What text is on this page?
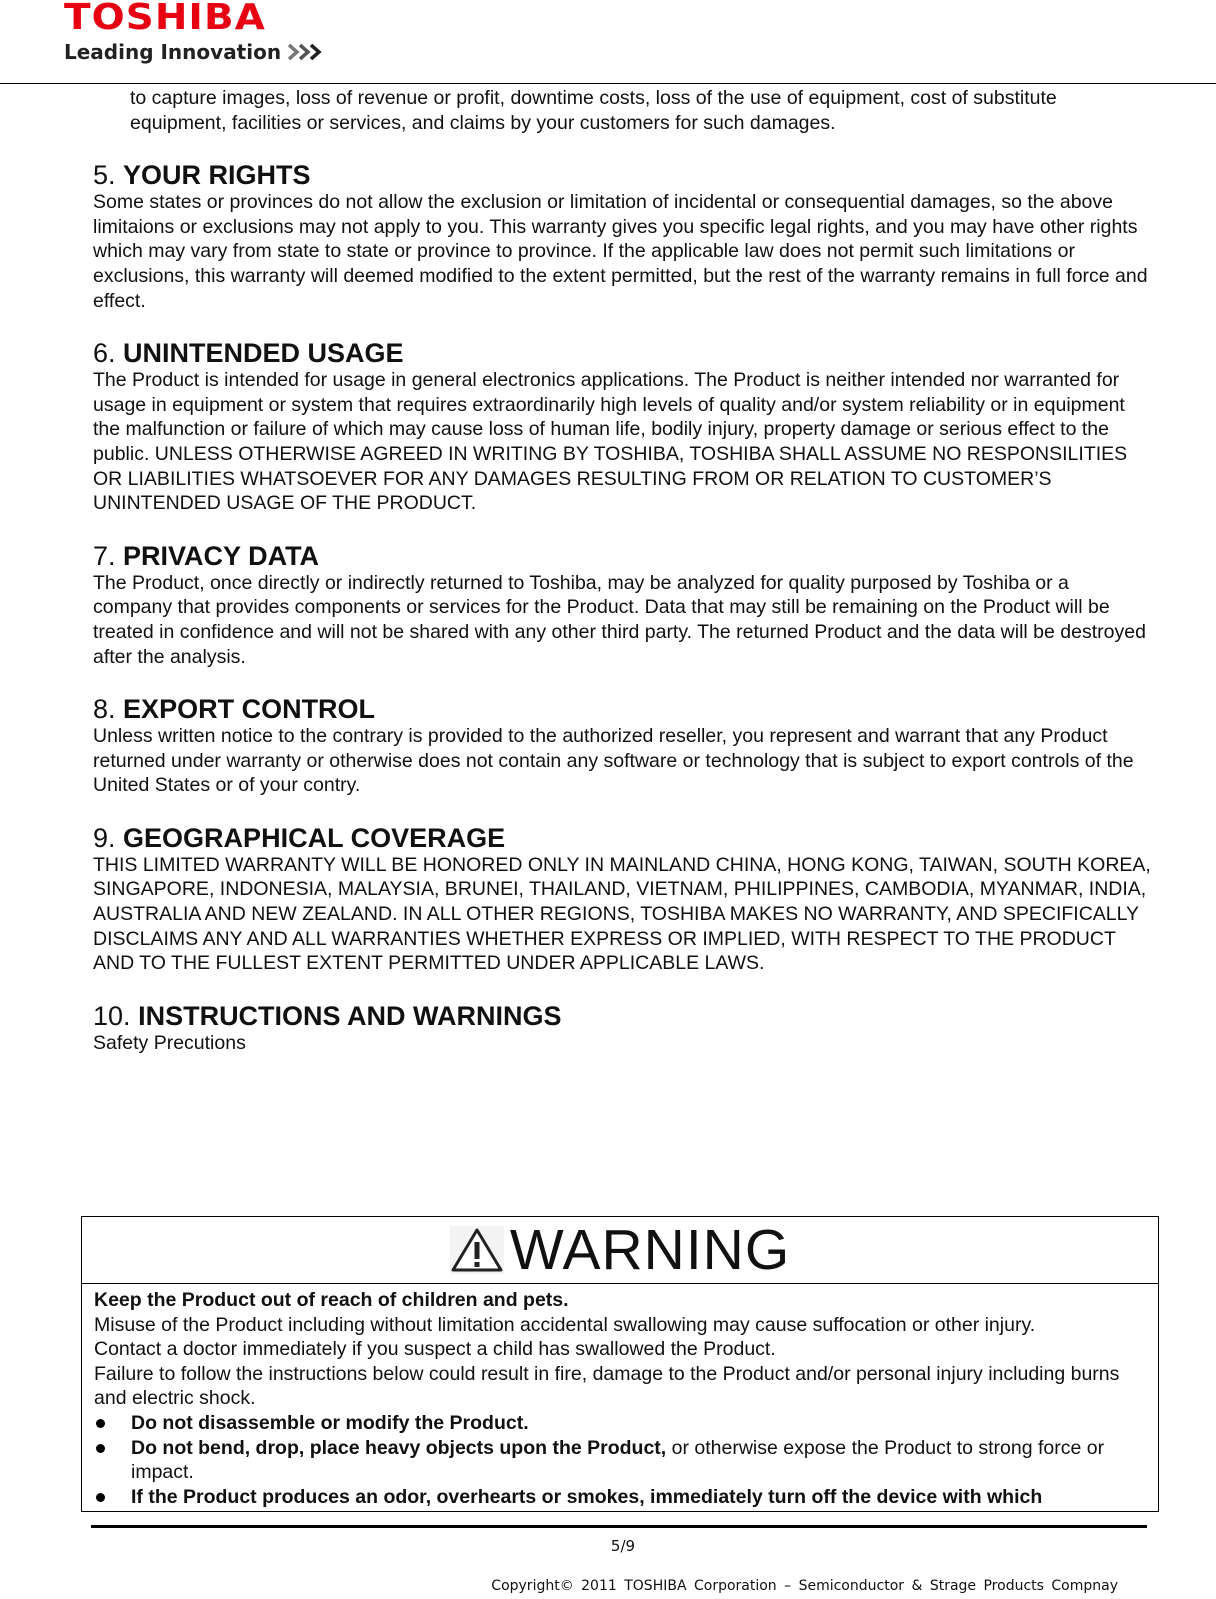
TOSHIBA
Leading Innovation

to capture images, loss of revenue or profit, downtime costs, loss of the use of equipment, cost of substitute equipment, facilities or services, and claims by your customers for such damages.

5. YOUR RIGHTS

Some states or provinces do not allow the exclusion or limitation of incidental or consequential damages, so the above limitaions or exclusions may not apply to you. This warranty gives you specific legal rights, and you may have other rights which may vary from state to state or province to province. If the applicable law does not permit such limitations or exclusions, this warranty will deemed modified to the extent permitted, but the rest of the warranty remains in full force and effect.

6. UNINTENDED USAGE

The Product is intended for usage in general electronics applications. The Product is neither intended nor warranted for usage in equipment or system that requires extraordinarily high levels of quality and/or system reliability or in equipment the malfunction or failure of which may cause loss of human life, bodily injury, property damage or serious effect to the public. UNLESS OTHERWISE AGREED IN WRITING BY TOSHIBA, TOSHIBA SHALL ASSUME NO RESPONSILITIES OR LIABILITIES WHATSOEVER FOR ANY DAMAGES RESULTING FROM OR RELATION TO CUSTOMER’S UNINTENDED USAGE OF THE PRODUCT.

7. PRIVACY DATA

The Product, once directly or indirectly returned to Toshiba, may be analyzed for quality purposed by Toshiba or a company that provides components or services for the Product. Data that may still be remaining on the Product will be treated in confidence and will not be shared with any other third party. The returned Product and the data will be destroyed after the analysis.

8. EXPORT CONTROL

Unless written notice to the contrary is provided to the authorized reseller, you represent and warrant that any Product returned under warranty or otherwise does not contain any software or technology that is subject to export controls of the United States or of your contry.

9. GEOGRAPHICAL COVERAGE

THIS LIMITED WARRANTY WILL BE HONORED ONLY IN MAINLAND CHINA, HONG KONG, TAIWAN, SOUTH KOREA, SINGAPORE, INDONESIA, MALAYSIA, BRUNEI, THAILAND, VIETNAM, PHILIPPINES, CAMBODIA, MYANMAR, INDIA, AUSTRALIA AND NEW ZEALAND. IN ALL OTHER REGIONS, TOSHIBA MAKES NO WARRANTY, AND SPECIFICALLY DISCLAIMS ANY AND ALL WARRANTIES WHETHER EXPRESS OR IMPLIED, WITH RESPECT TO THE PRODUCT AND TO THE FULLEST EXTENT PERMITTED UNDER APPLICABLE LAWS.

10. INSTRUCTIONS AND WARNINGS

Safety Precutions

WARNING

Keep the Product out of reach of children and pets.

Misuse of the Product including without limitation accidental swallowing may cause suffocation or other injury.

Contact a doctor immediately if you suspect a child has swallowed the Product.

Failure to follow the instructions below could result in fire, damage to the Product and/or personal injury including burns and electric shock.

Do not disassemble or modify the Product.
Do not bend, drop, place heavy objects upon the Product, or otherwise expose the Product to strong force or impact.
If the Product produces an odor, overhearts or smokes, immediately turn off the device with which
5/9
Copyright© 2011 TOSHIBA Corporation – Semiconductor & Strage Products Compnay
